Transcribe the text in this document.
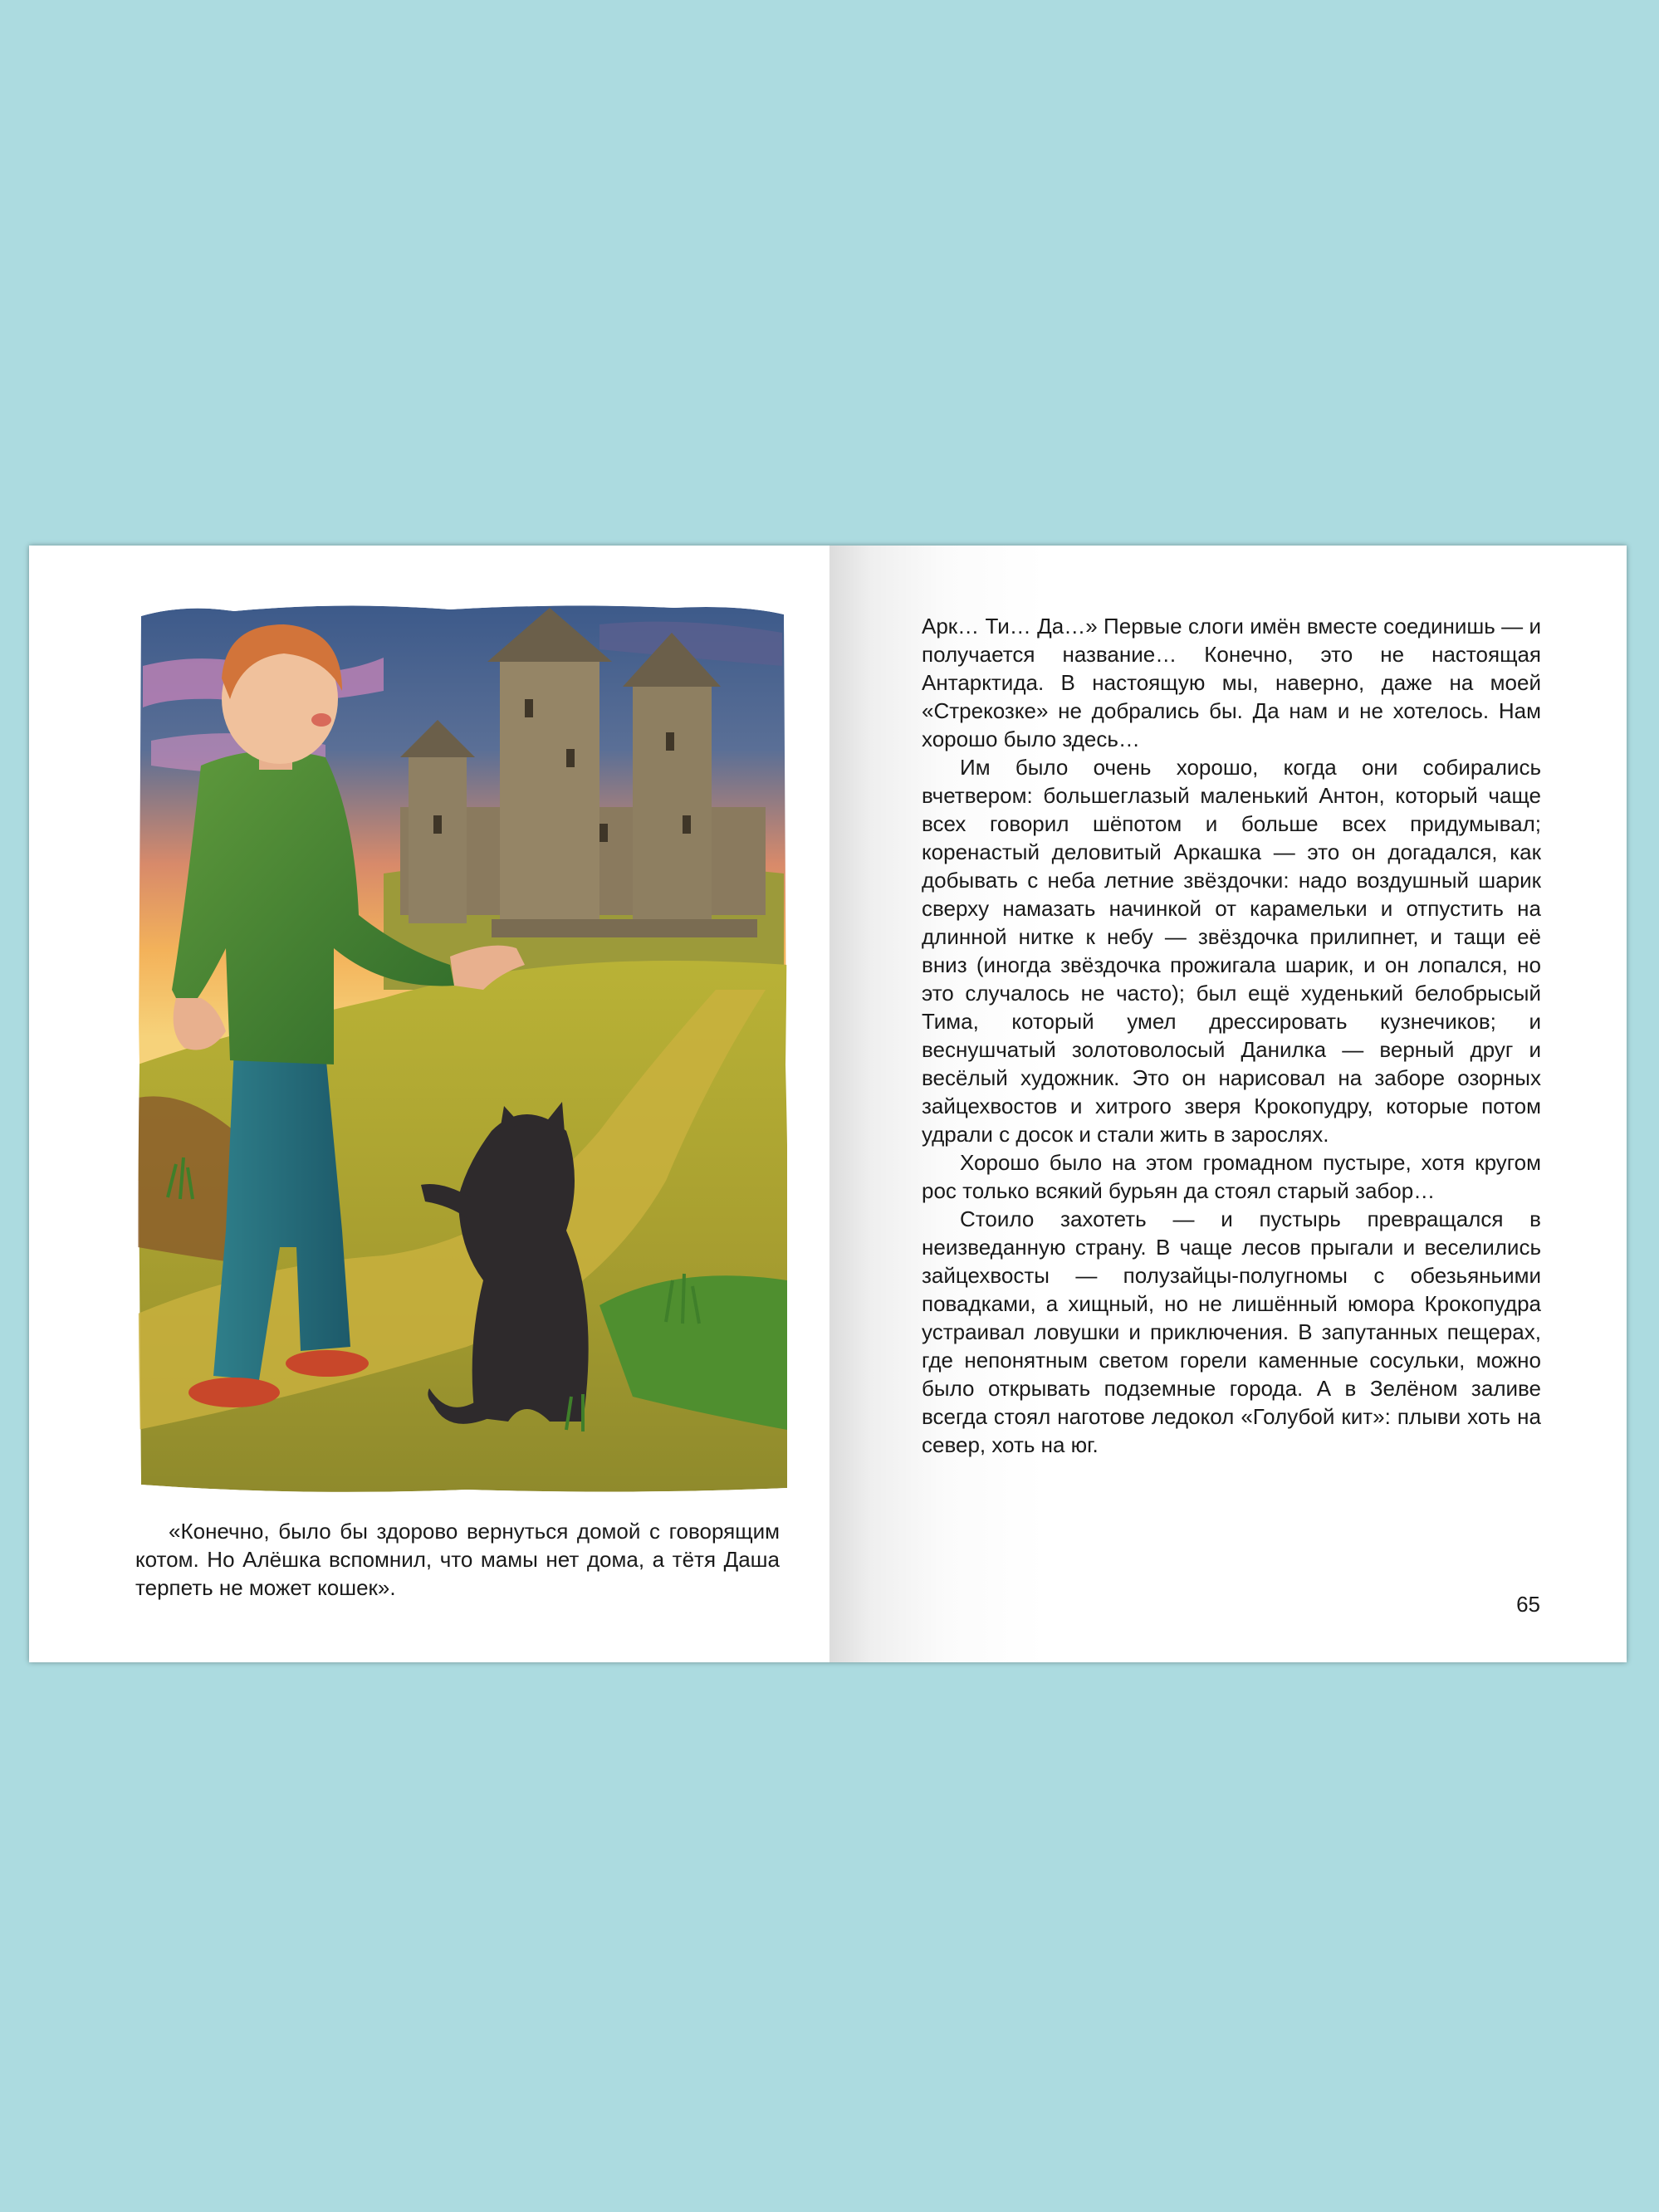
«Конечно, было бы здорово вернуться домой с говорящим котом. Но Алёшка вспомнил, что мамы нет дома, а тётя Даша терпеть не может кошек».

Арк… Ти… Да…» Первые слоги имён вместе соединишь — и получается название… Конечно, это не настоящая Антарктида. В настоящую мы, наверно, даже на моей «Стрекозке» не добрались бы. Да нам и не хотелось. Нам хорошо было здесь…

Им было очень хорошо, когда они собирались вчетвером: большеглазый маленький Антон, который чаще всех говорил шёпотом и больше всех придумывал; коренастый деловитый Аркашка — это он догадался, как добывать с неба летние звёздочки: надо воздушный шарик сверху намазать начинкой от карамельки и отпустить на длинной нитке к небу — звёздочка прилипнет, и тащи её вниз (иногда звёздочка прожигала шарик, и он лопался, но это случалось не часто); был ещё худенький белобрысый Тима, который умел дрессировать кузнечиков; и веснушчатый золотоволосый Данилка — верный друг и весёлый художник. Это он нарисовал на заборе озорных зайцехвостов и хитрого зверя Крокопудру, которые потом удрали с досок и стали жить в зарослях.

Хорошо было на этом громадном пустыре, хотя кругом рос только всякий бурьян да стоял старый забор…

Стоило захотеть — и пустырь превращался в неизведанную страну. В чаще лесов прыгали и веселились зайцехвосты — полузайцы-полугномы с обезьяньими повадками, а хищный, но не лишённый юмора Крокопудра устраивал ловушки и приключения. В запутанных пещерах, где непонятным светом горели каменные сосульки, можно было открывать подземные города. А в Зелёном заливе всегда стоял наготове ледокол «Голубой кит»: плыви хоть на север, хоть на юг.

65
